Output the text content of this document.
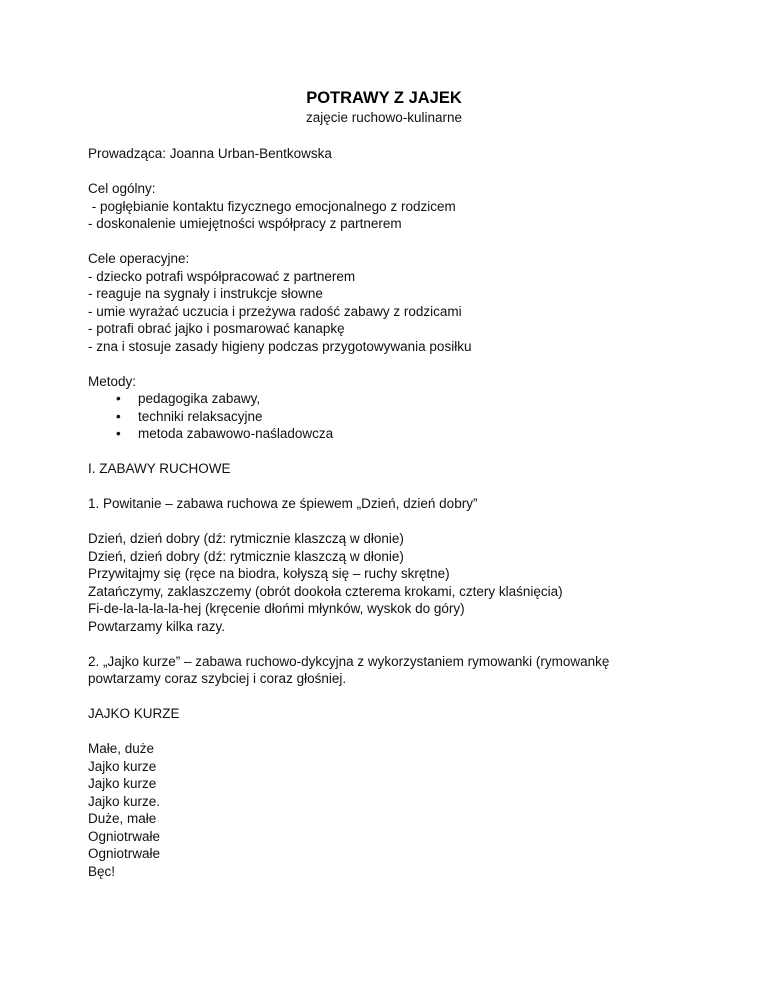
POTRAWY Z JAJEK

zajęcie ruchowo-kulinarne

Prowadząca: Joanna Urban-Bentkowska
Cel ogólny:
- pogłębianie kontaktu fizycznego emocjonalnego z rodzicem
- doskonalenie umiejętności współpracy z partnerem
Cele operacyjne:
- dziecko potrafi współpracować z partnerem
- reaguje na sygnały i instrukcje słowne
- umie wyrażać uczucia i przeżywa radość zabawy z rodzicami
- potrafi obrać jajko i posmarować kanapkę
- zna i stosuje zasady higieny podczas przygotowywania posiłku
Metody:
• pedagogika zabawy,
• techniki relaksacyjne
• metoda zabawowo-naśladowcza
I. ZABAWY RUCHOWE
1. Powitanie – zabawa ruchowa ze śpiewem „Dzień, dzień dobry”
Dzień, dzień dobry (dź: rytmicznie klaszczą w dłonie)
Dzień, dzień dobry (dź: rytmicznie klaszczą w dłonie)
Przywitajmy się (ręce na biodra, kołyszą się – ruchy skrętne)
Zatańczymy, zaklaszczemy (obrót dookoła czterema krokami, cztery klaśnięcia)
Fi-de-la-la-la-la-hej (kręcenie dłońmi młynków, wyskok do góry)
Powtarzamy kilka razy.
2. „Jajko kurze” – zabawa ruchowo-dykcyjna z wykorzystaniem rymowanki (rymowankę
powtarzamy coraz szybciej i coraz głośniej.
JAJKO KURZE
Małe, duże
Jajko kurze
Jajko kurze
Jajko kurze.
Duże, małe
Ogniotrwałe
Ogniotrwałe
Bęc!
